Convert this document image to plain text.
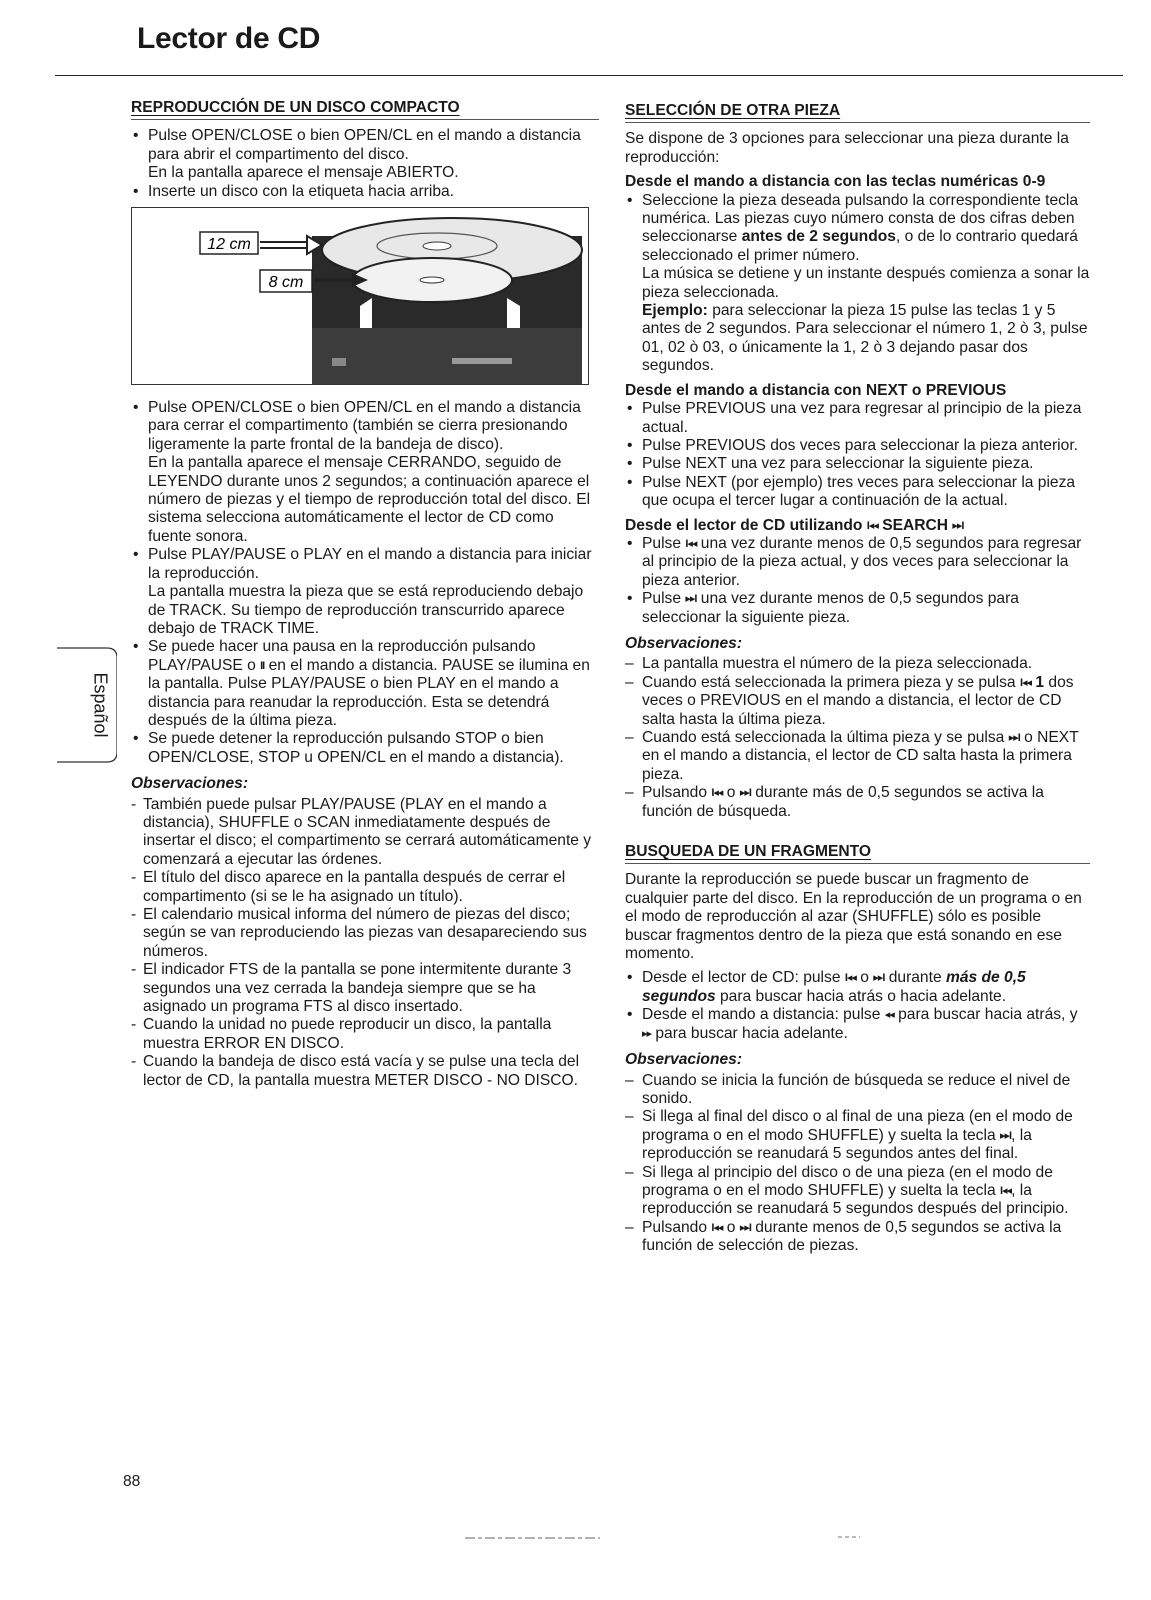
Lector de CD
REPRODUCCIÓN DE UN DISCO COMPACTO
• Pulse OPEN/CLOSE o bien OPEN/CL en el mando a distancia para abrir el compartimento del disco.
En la pantalla aparece el mensaje ABIERTO.
• Inserte un disco con la etiqueta hacia arriba.
12 cm
8 cm
• Pulse OPEN/CLOSE o bien OPEN/CL en el mando a distancia para cerrar el compartimento (también se cierra presionando ligeramente la parte frontal de la bandeja de disco).
En la pantalla aparece el mensaje CERRANDO, seguido de LEYENDO durante unos 2 segundos; a continuación aparece el número de piezas y el tiempo de reproducción total del disco. El sistema selecciona automáticamente el lector de CD como fuente sonora.
• Pulse PLAY/PAUSE o PLAY en el mando a distancia para iniciar la reproducción.
La pantalla muestra la pieza que se está reproduciendo debajo de TRACK. Su tiempo de reproducción transcurrido aparece debajo de TRACK TIME.
• Se puede hacer una pausa en la reproducción pulsando PLAY/PAUSE o II en el mando a distancia. PAUSE se ilumina en la pantalla. Pulse PLAY/PAUSE o bien PLAY en el mando a distancia para reanudar la reproducción. Esta se detendrá después de la última pieza.
• Se puede detener la reproducción pulsando STOP o bien OPEN/CLOSE, STOP u OPEN/CL en el mando a distancia).
Observaciones:
- También puede pulsar PLAY/PAUSE (PLAY en el mando a distancia), SHUFFLE o SCAN inmediatamente después de insertar el disco; el compartimento se cerrará automáticamente y comenzará a ejecutar las órdenes.
- El título del disco aparece en la pantalla después de cerrar el compartimento (si se le ha asignado un título).
- El calendario musical informa del número de piezas del disco; según se van reproduciendo las piezas van desapareciendo sus números.
- El indicador FTS de la pantalla se pone intermitente durante 3 segundos una vez cerrada la bandeja siempre que se ha asignado un programa FTS al disco insertado.
- Cuando la unidad no puede reproducir un disco, la pantalla muestra ERROR EN DISCO.
- Cuando la bandeja de disco está vacía y se pulse una tecla del lector de CD, la pantalla muestra METER DISCO - NO DISCO.
SELECCIÓN DE OTRA PIEZA
Se dispone de 3 opciones para seleccionar una pieza durante la reproducción:
Desde el mando a distancia con las teclas numéricas 0-9
• Seleccione la pieza deseada pulsando la correspondiente tecla numérica. Las piezas cuyo número consta de dos cifras deben seleccionarse antes de 2 segundos, o de lo contrario quedará seleccionado el primer número.
La música se detiene y un instante después comienza a sonar la pieza seleccionada.
Ejemplo: para seleccionar la pieza 15 pulse las teclas 1 y 5 antes de 2 segundos. Para seleccionar el número 1, 2 ò 3, pulse 01, 02 ò 03, o únicamente la 1, 2 ò 3 dejando pasar dos segundos.
Desde el mando a distancia con NEXT o PREVIOUS
• Pulse PREVIOUS una vez para regresar al principio de la pieza actual.
• Pulse PREVIOUS dos veces para seleccionar la pieza anterior.
• Pulse NEXT una vez para seleccionar la siguiente pieza.
• Pulse NEXT (por ejemplo) tres veces para seleccionar la pieza que ocupa el tercer lugar a continuación de la actual.
Desde el lector de CD utilizando I◂◂ SEARCH ▸▸I
• Pulse I◂◂ una vez durante menos de 0,5 segundos para regresar al principio de la pieza actual, y dos veces para seleccionar la pieza anterior.
• Pulse ▸▸I una vez durante menos de 0,5 segundos para seleccionar la siguiente pieza.
Observaciones:
– La pantalla muestra el número de la pieza seleccionada.
– Cuando está seleccionada la primera pieza y se pulsa I◂◂ 1 dos veces o PREVIOUS en el mando a distancia, el lector de CD salta hasta la última pieza.
– Cuando está seleccionada la última pieza y se pulsa ▸▸I o NEXT en el mando a distancia, el lector de CD salta hasta la primera pieza.
– Pulsando I◂◂ o ▸▸I durante más de 0,5 segundos se activa la función de búsqueda.
BUSQUEDA DE UN FRAGMENTO
Durante la reproducción se puede buscar un fragmento de cualquier parte del disco. En la reproducción de un programa o en el modo de reproducción al azar (SHUFFLE) sólo es posible buscar fragmentos dentro de la pieza que está sonando en ese momento.
• Desde el lector de CD: pulse I◂◂ o ▸▸I durante más de 0,5 segundos para buscar hacia atrás o hacia adelante.
• Desde el mando a distancia: pulse ◂◂ para buscar hacia atrás, y ▸▸ para buscar hacia adelante.
Observaciones:
– Cuando se inicia la función de búsqueda se reduce el nivel de sonido.
– Si llega al final del disco o al final de una pieza (en el modo de programa o en el modo SHUFFLE) y suelta la tecla ▸▸I, la reproducción se reanudará 5 segundos antes del final.
– Si llega al principio del disco o de una pieza (en el modo de programa o en el modo SHUFFLE) y suelta la tecla I◂◂, la reproducción se reanudará 5 segundos después del principio.
– Pulsando I◂◂ o ▸▸I durante menos de 0,5 segundos se activa la función de selección de piezas.
Español
88
